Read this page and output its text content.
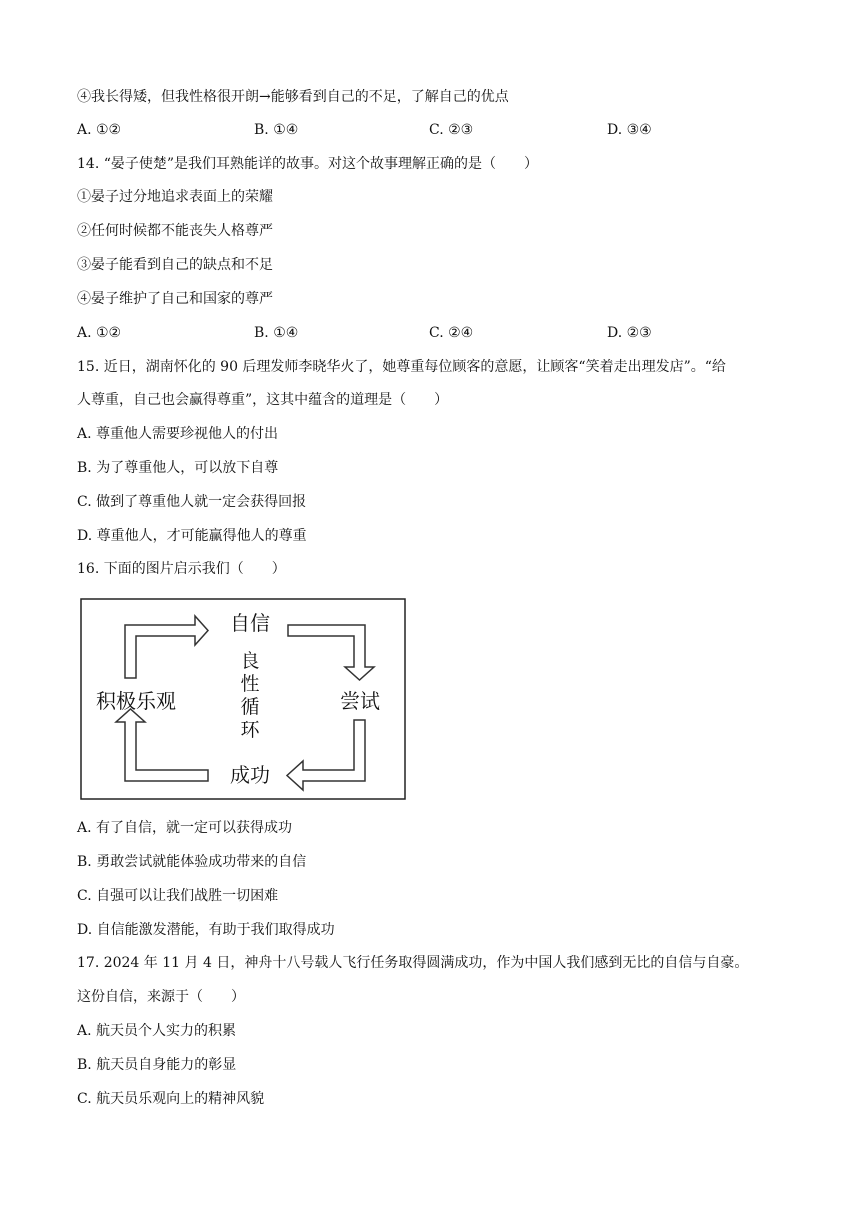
④我长得矮，但我性格很开朗→能够看到自己的不足，了解自己的优点
A. ①②	B. ①④	C. ②③	D. ③④
14. “晏子使楚”是我们耳熟能详的故事。对这个故事理解正确的是（　　）
①晏子过分地追求表面上的荣耀
②任何时候都不能丧失人格尊严
③晏子能看到自己的缺点和不足
④晏子维护了自己和国家的尊严
A. ①②	B. ①④	C. ②④	D. ②③
15. 近日，湖南怀化的 90 后理发师李晓华火了，她尊重每位顾客的意愿，让顾客“笑着走出理发店”。“给
人尊重，自己也会赢得尊重”，这其中蕴含的道理是（　　）
A. 尊重他人需要珍视他人的付出
B. 为了尊重他人，可以放下自尊
C. 做到了尊重他人就一定会获得回报
D. 尊重他人，才可能赢得他人的尊重
16. 下面的图片启示我们（　　）
自信
尝试
成功
积极乐观
良
性
循
环
A. 有了自信，就一定可以获得成功
B. 勇敢尝试就能体验成功带来的自信
C. 自强可以让我们战胜一切困难
D. 自信能激发潜能，有助于我们取得成功
17. 2024 年 11 月 4 日，神舟十八号载人飞行任务取得圆满成功，作为中国人我们感到无比的自信与自豪。
这份自信，来源于（　　）
A. 航天员个人实力的积累
B. 航天员自身能力的彰显
C. 航天员乐观向上的精神风貌
